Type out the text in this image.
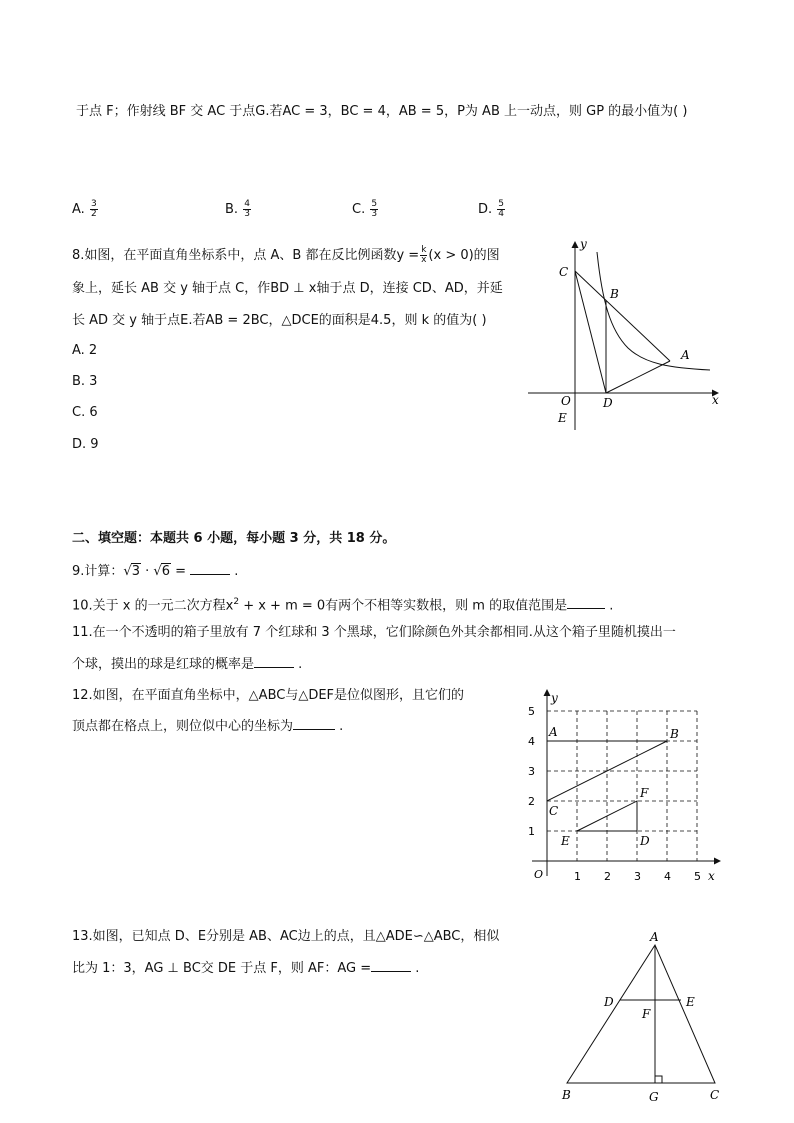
于点 F；作射线 BF 交 AC 于点G.若AC = 3，BC = 4，AB = 5，P为 AB 上一动点，则 GP 的最小值为( )
A. $\frac{3}{2}$	B. $\frac{4}{3}$	C. $\frac{5}{3}$	D. $\frac{5}{4}$
8.如图，在平面直角坐标系中，点 A、B 都在反比例函数$y = \frac{k}{x} (x > 0)$的图
象上，延长 AB 交 y 轴于点 C，作BD ⊥ x轴于点 D，连接 CD、AD，并延
长 AD 交 y 轴于点E.若AB = 2BC，△DCE的面积是4.5，则 k 的值为( )
A. 2
B. 3
C. 6
D. 9
y
x
C
B
A
O	D
E
二、填空题：本题共 6 小题，每小题 3 分，共 18 分。
9.计算：√3 · √6 =	.
10.关于 x 的一元二次方程$x^2 + x + m = 0$有两个不相等实数根，则 m 的取值范围是	.
11.在一个不透明的箱子里放有 7 个红球和 3 个黑球，它们除颜色外其余都相同.从这个箱子里随机摸出一
个球，摸出的球是红球的概率是	.
12.如图，在平面直角坐标中，△ABC与△DEF是位似图形，且它们的
顶点都在格点上，则位似中心的坐标为	.
y
x
O	1 2 3 4 5
1
2
3
4
5
A	B
C
F
E	D
13.如图，已知点 D、E分别是 AB、AC边上的点，且△ADE∽△ABC，相似
比为 1：3，AG ⊥ BC交 DE 于点 F，则 AF：AG =	.
A
D	E
F
B	G	C
